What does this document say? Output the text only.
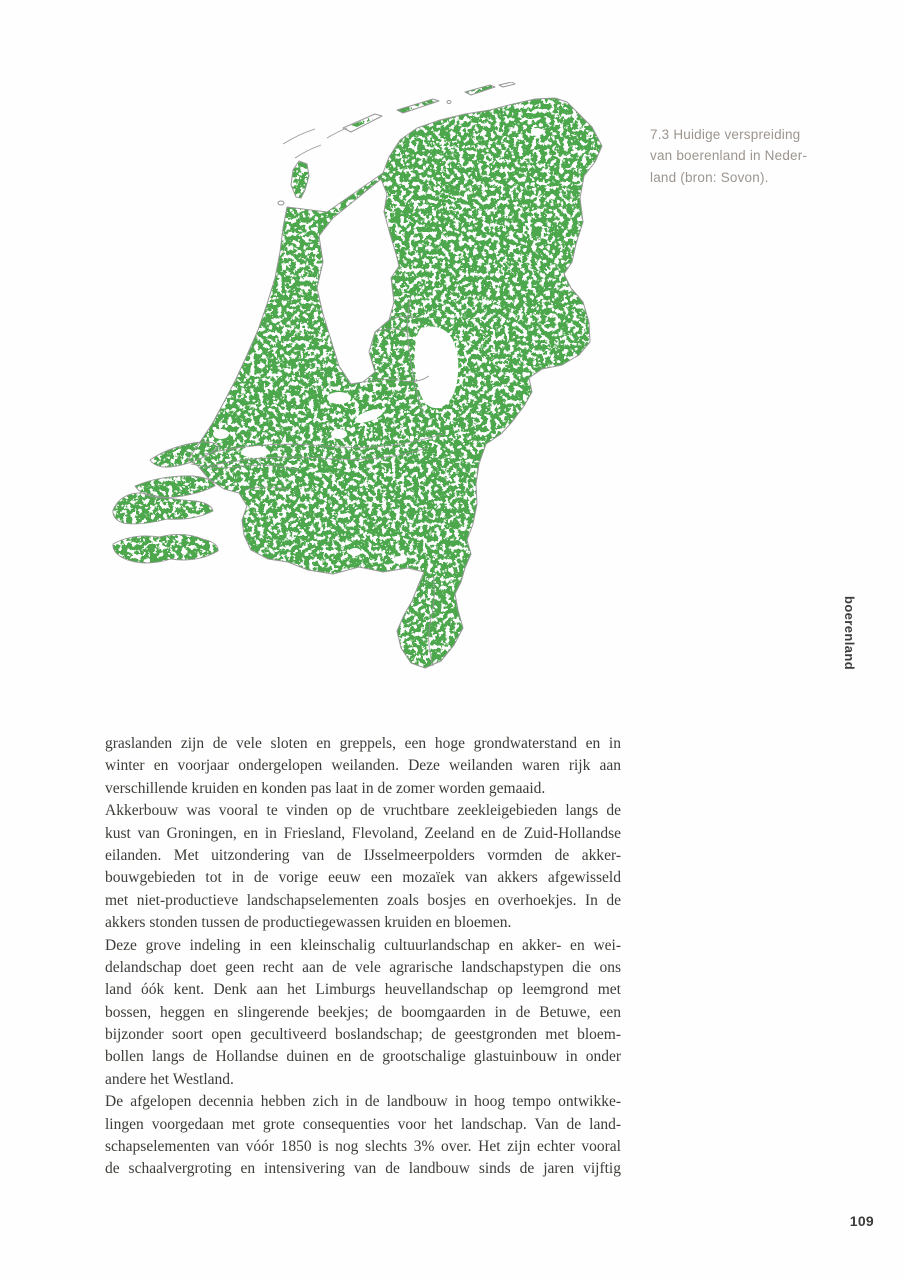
7.3 Huidige verspreiding
van boerenland in Neder-
land (bron: Sovon).
boerenland
graslanden zijn de vele sloten en greppels, een hoge grondwaterstand en in
winter en voorjaar ondergelopen weilanden. Deze weilanden waren rijk aan
verschillende kruiden en konden pas laat in de zomer worden gemaaid.
Akkerbouw was vooral te vinden op de vruchtbare zeekleigebieden langs de
kust van Groningen, en in Friesland, Flevoland, Zeeland en de Zuid-Hollandse
eilanden. Met uitzondering van de IJsselmeerpolders vormden de akker-
bouwgebieden tot in de vorige eeuw een mozaïek van akkers afgewisseld
met niet-productieve landschapselementen zoals bosjes en overhoekjes. In de
akkers stonden tussen de productiegewassen kruiden en bloemen.
Deze grove indeling in een kleinschalig cultuurlandschap en akker- en wei-
delandschap doet geen recht aan de vele agrarische landschapstypen die ons
land óók kent. Denk aan het Limburgs heuvellandschap op leemgrond met
bossen, heggen en slingerende beekjes; de boomgaarden in de Betuwe, een
bijzonder soort open gecultiveerd boslandschap; de geestgronden met bloem-
bollen langs de Hollandse duinen en de grootschalige glastuinbouw in onder
andere het Westland.
De afgelopen decennia hebben zich in de landbouw in hoog tempo ontwikke-
lingen voorgedaan met grote consequenties voor het landschap. Van de land-
schapselementen van vóór 1850 is nog slechts 3% over. Het zijn echter vooral
de schaalvergroting en intensivering van de landbouw sinds de jaren vijftig
109
